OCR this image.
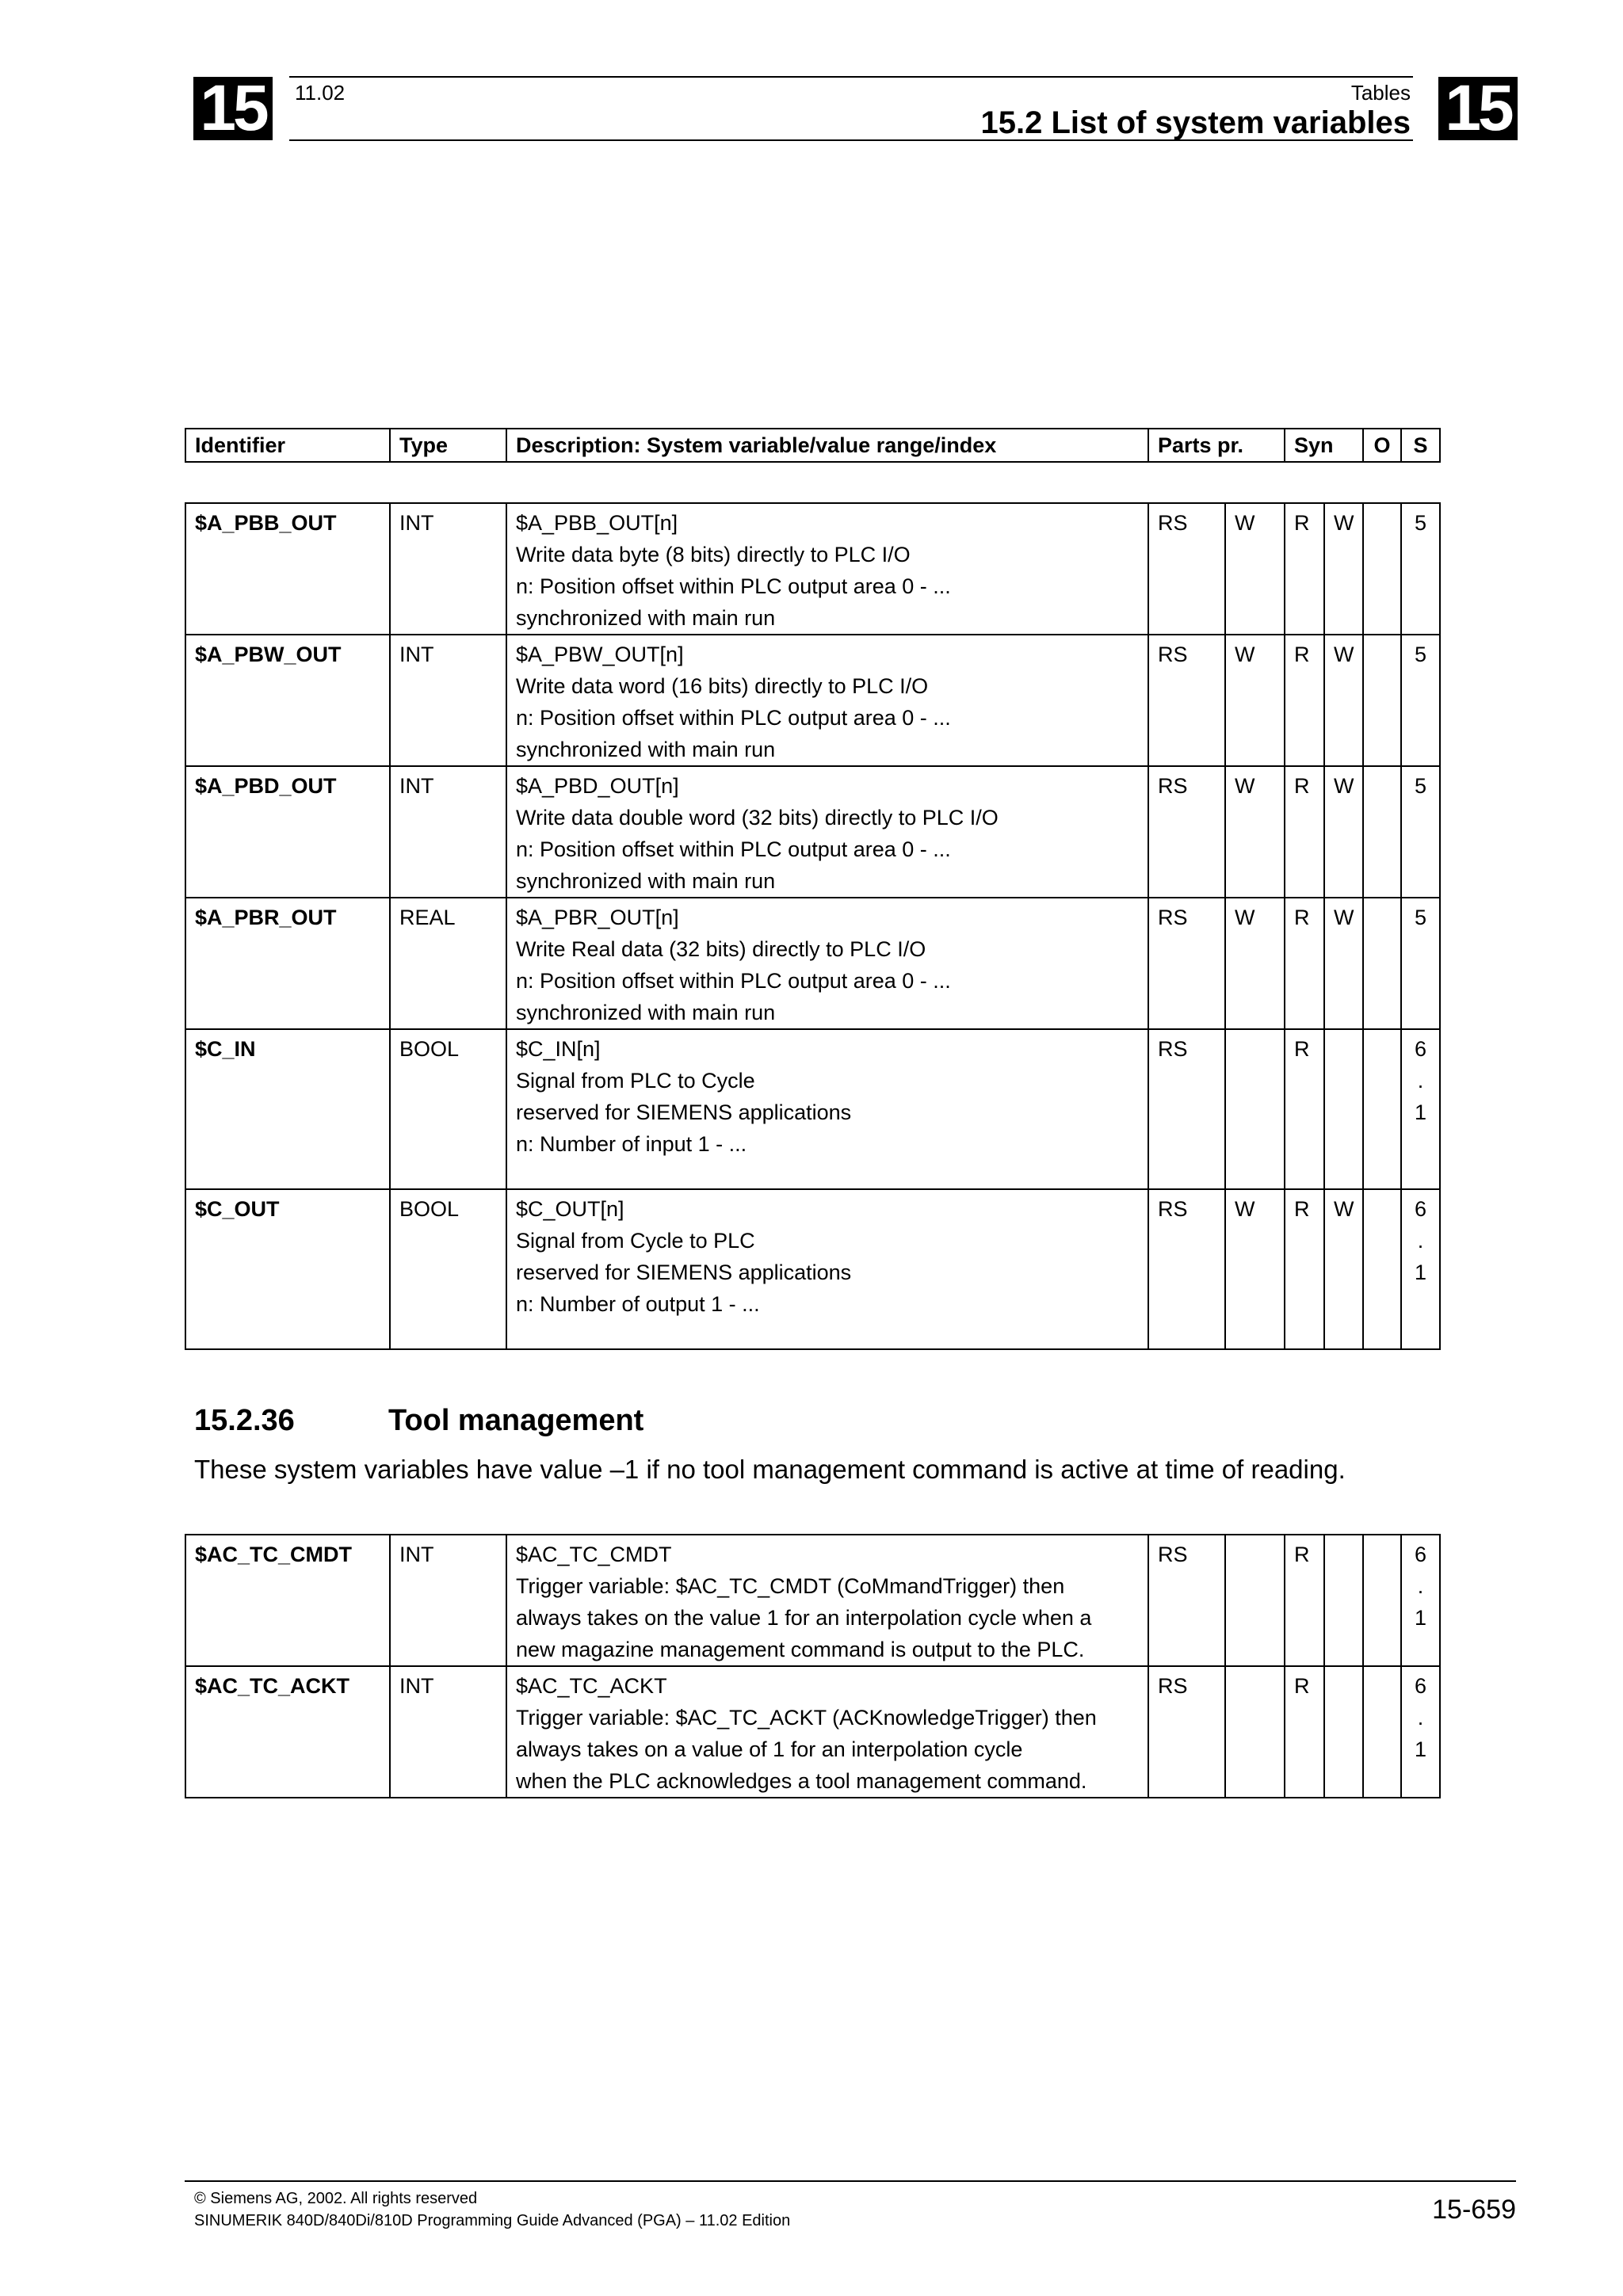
15	11.02	Tables
15.2 List of system variables 15
Identifier	Type	Description: System variable/value range/index	Parts pr.	Syn	O	S
$A_PBB_OUT	INT	$A_PBB_OUT[n]
Write data byte (8 bits) directly to PLC I/O
n: Position offset within PLC output area 0 - ...
synchronized with main run	RS	W	R	W		5

$A_PBW_OUT	INT	$A_PBW_OUT[n]
Write data word (16 bits) directly to PLC I/O
n: Position offset within PLC output area 0 - ...
synchronized with main run	RS	W	R	W		5

$A_PBD_OUT	INT	$A_PBD_OUT[n]
Write data double word (32 bits) directly to PLC I/O
n: Position offset within PLC output area 0 - ...
synchronized with main run	RS	W	R	W		5

$A_PBR_OUT	REAL	$A_PBR_OUT[n]
Write Real data (32 bits) directly to PLC I/O
n: Position offset within PLC output area 0 - ...
synchronized with main run	RS	W	R	W		5

$C_IN	BOOL	$C_IN[n]
Signal from PLC to Cycle
reserved for SIEMENS applications
n: Number of input 1 - ...	RS		R			6
.
1

$C_OUT	BOOL	$C_OUT[n]
Signal from Cycle to PLC
reserved for SIEMENS applications
n: Number of output 1 - ...	RS	W	R	W		6
.
1
15.2.36	Tool management
These system variables have value –1 if no tool management command is active at time of reading.
$AC_TC_CMDT	INT	$AC_TC_CMDT
Trigger variable: $AC_TC_CMDT (CoMmandTrigger) then
always takes on the value 1 for an interpolation cycle when a
new magazine management command is output to the PLC.	RS		R			6
.
1

$AC_TC_ACKT	INT	$AC_TC_ACKT
Trigger variable: $AC_TC_ACKT (ACKnowledgeTrigger) then
always takes on a value of 1 for an interpolation cycle
when the PLC acknowledges a tool management command.	RS		R			6
.
1
© Siemens AG, 2002. All rights reserved
SINUMERIK 840D/840Di/810D Programming Guide Advanced (PGA) – 11.02 Edition	15-659
